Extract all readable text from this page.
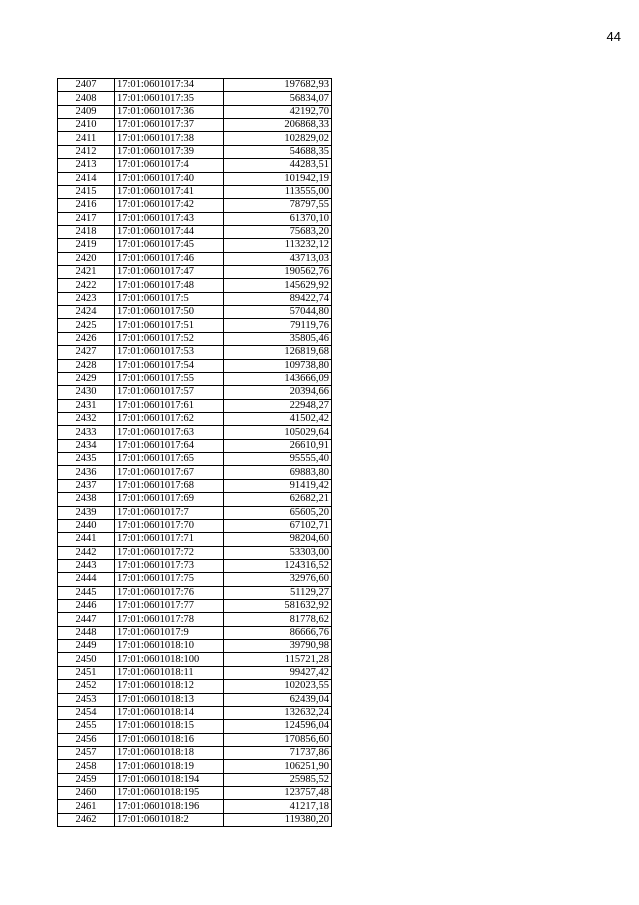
44
2407	17:01:0601017:34	197682,93
2408	17:01:0601017:35	56834,07
2409	17:01:0601017:36	42192,70
2410	17:01:0601017:37	206868,33
2411	17:01:0601017:38	102829,02
2412	17:01:0601017:39	54688,35
2413	17:01:0601017:4	44283,51
2414	17:01:0601017:40	101942,19
2415	17:01:0601017:41	113555,00
2416	17:01:0601017:42	78797,55
2417	17:01:0601017:43	61370,10
2418	17:01:0601017:44	75683,20
2419	17:01:0601017:45	113232,12
2420	17:01:0601017:46	43713,03
2421	17:01:0601017:47	190562,76
2422	17:01:0601017:48	145629,92
2423	17:01:0601017:5	89422,74
2424	17:01:0601017:50	57044,80
2425	17:01:0601017:51	79119,76
2426	17:01:0601017:52	35805,46
2427	17:01:0601017:53	126819,68
2428	17:01:0601017:54	109738,80
2429	17:01:0601017:55	143666,09
2430	17:01:0601017:57	20394,66
2431	17:01:0601017:61	22948,27
2432	17:01:0601017:62	41502,42
2433	17:01:0601017:63	105029,64
2434	17:01:0601017:64	26610,91
2435	17:01:0601017:65	95555,40
2436	17:01:0601017:67	69883,80
2437	17:01:0601017:68	91419,42
2438	17:01:0601017:69	62682,21
2439	17:01:0601017:7	65605,20
2440	17:01:0601017:70	67102,71
2441	17:01:0601017:71	98204,60
2442	17:01:0601017:72	53303,00
2443	17:01:0601017:73	124316,52
2444	17:01:0601017:75	32976,60
2445	17:01:0601017:76	51129,27
2446	17:01:0601017:77	581632,92
2447	17:01:0601017:78	81778,62
2448	17:01:0601017:9	86666,76
2449	17:01:0601018:10	39790,98
2450	17:01:0601018:100	115721,28
2451	17:01:0601018:11	99427,42
2452	17:01:0601018:12	102023,55
2453	17:01:0601018:13	62439,04
2454	17:01:0601018:14	132632,24
2455	17:01:0601018:15	124596,04
2456	17:01:0601018:16	170856,60
2457	17:01:0601018:18	71737,86
2458	17:01:0601018:19	106251,90
2459	17:01:0601018:194	25985,52
2460	17:01:0601018:195	123757,48
2461	17:01:0601018:196	41217,18
2462	17:01:0601018:2	119380,20
